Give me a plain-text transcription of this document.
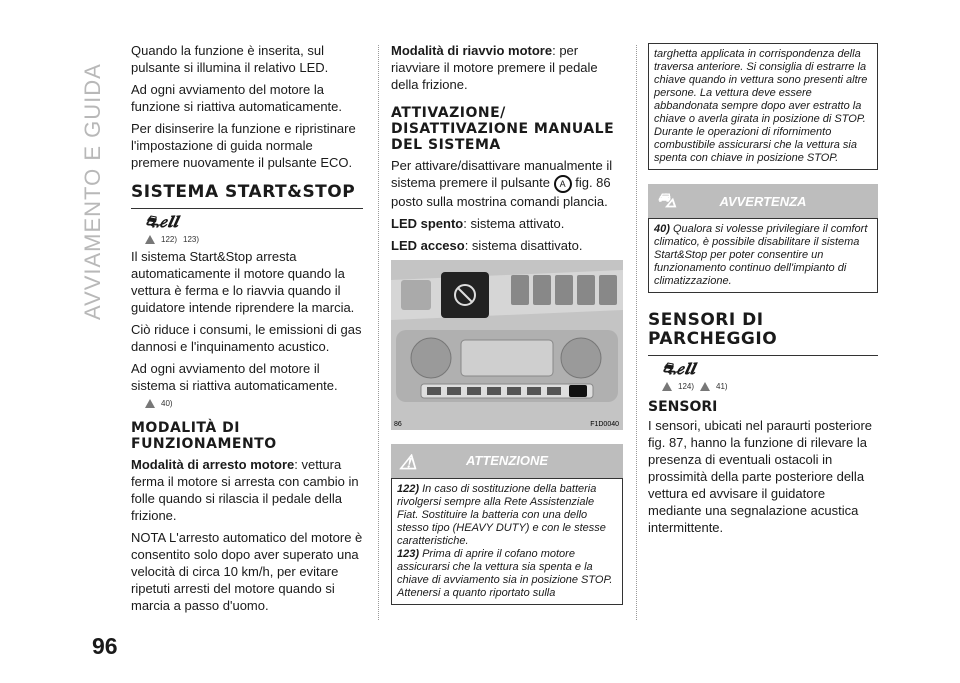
AVVIAMENTO E GUIDA
96

Quando la funzione è inserita, sul pulsante si illumina il relativo LED.

Ad ogni avviamento del motore la funzione si riattiva automaticamente.

Per disinserire la funzione e ripristinare l'impostazione di guida normale premere nuovamente il pulsante ECO.

SISTEMA START&STOP
⛐ℯ𝒍𝒍
122) 123)

Il sistema Start&Stop arresta automaticamente il motore quando la vettura è ferma e lo riavvia quando il guidatore intende riprendere la marcia.

Ciò riduce i consumi, le emissioni di gas dannosi e l'inquinamento acustico.

Ad ogni avviamento del motore il sistema si riattiva automaticamente.

40)
MODALITÀ DI FUNZIONAMENTO

Modalità di arresto motore: vettura ferma il motore si arresta con cambio in folle quando si rilascia il pedale della frizione.

NOTA L'arresto automatico del motore è consentito solo dopo aver superato una velocità di circa 10 km/h, per evitare ripetuti arresti del motore quando si marcia a passo d'uomo.

Modalità di riavvio motore: per riavviare il motore premere il pedale della frizione.

ATTIVAZIONE/ DISATTIVAZIONE MANUALE DEL SISTEMA

Per attivare/disattivare manualmente il sistema premere il pulsante A fig. 86 posto sulla mostrina comandi plancia.

LED spento: sistema attivato.

LED acceso: sistema disattivato.

86	F1D0040
⚠	ATTENZIONE
122) In caso di sostituzione della batteria rivolgersi sempre alla Rete Assistenziale Fiat. Sostituire la batteria con una dello stesso tipo (HEAVY DUTY) e con le stesse caratteristiche.
123) Prima di aprire il cofano motore assicurarsi che la vettura sia spenta e la chiave di avviamento sia in posizione STOP. Attenersi a quanto riportato sulla
targhetta applicata in corrispondenza della traversa anteriore. Si consiglia di estrarre la chiave quando in vettura sono presenti altre persone. La vettura deve essere abbandonata sempre dopo aver estratto la chiave o averla girata in posizione di STOP. Durante le operazioni di rifornimento combustibile assicurarsi che la vettura sia spenta con chiave in posizione STOP.
⛍	AVVERTENZA
40) Qualora si volesse privilegiare il comfort climatico, è possibile disabilitare il sistema Start&Stop per poter consentire un funzionamento continuo dell'impianto di climatizzazione.
SENSORI DI PARCHEGGIO
⛐ℯ𝒍𝒍
124)	41)
SENSORI

I sensori, ubicati nel paraurti posteriore fig. 87, hanno la funzione di rilevare la presenza di eventuali ostacoli in prossimità della parte posteriore della vettura ed avvisare il guidatore mediante una segnalazione acustica intermittente.
